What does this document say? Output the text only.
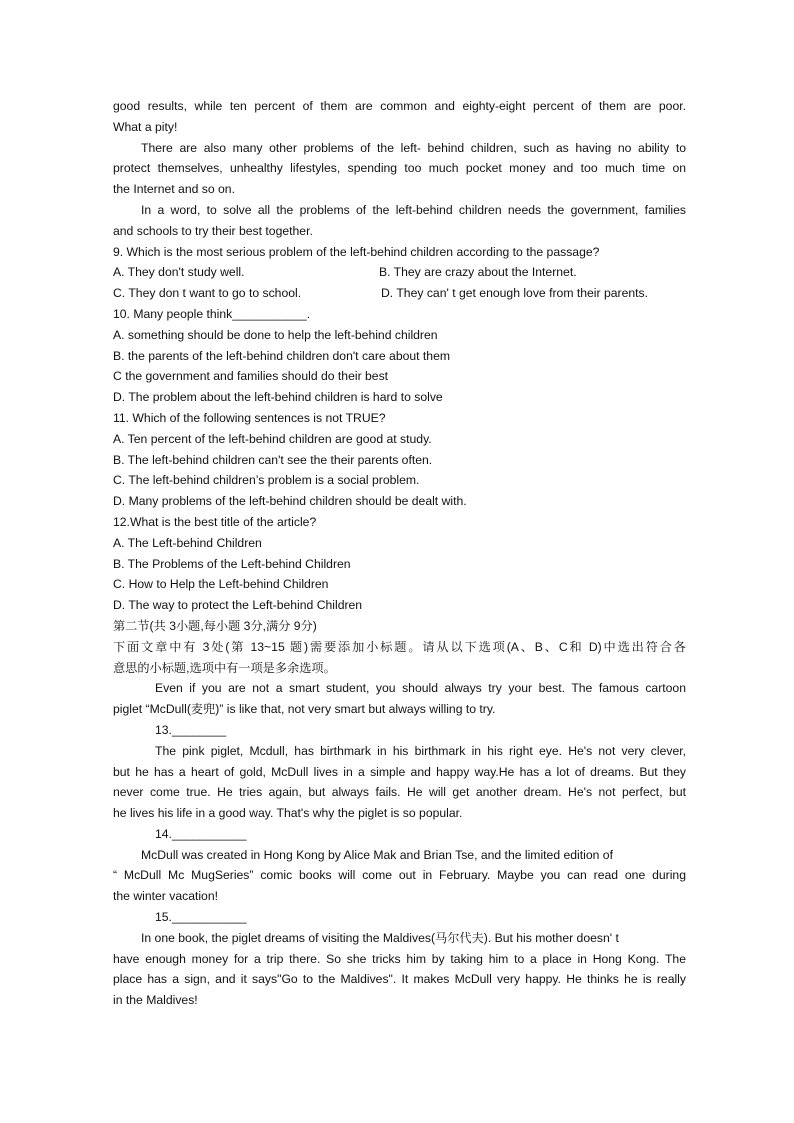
good results, while ten percent of them are common and eighty-eight percent of them are poor.
What a pity!
There are also many other problems of the left- behind children, such as having no ability to
protect themselves, unhealthy lifestyles, spending too much pocket money and too much time on
the Internet and so on.
In a word, to solve all the problems of the left-behind children needs the government, families
and schools to try their best together.
9. Which is the most serious problem of the left-behind children according to the passage?
A. They don't study well.	B. They are crazy about the Internet.
C. They don t want to go to school.	D. They can' t get enough love from their parents.
10. Many people think___________.
A. something should be done to help the left-behind children
B. the parents of the left-behind children don't care about them
C the government and families should do their best
D. The problem about the left-behind children is hard to solve
11. Which of the following sentences is not TRUE?
A. Ten percent of the left-behind children are good at study.
B. The left-behind children can't see the their parents often.
C. The left-behind children’s problem is a social problem.
D. Many problems of the left-behind children should be dealt with.
12.What is the best title of the article?
A. The Left-behind Children
B. The Problems of the Left-behind Children
C. How to Help the Left-behind Children
D. The way to protect the Left-behind Children
第二节(共 3小题,每小题 3分,满分 9分)
下面文章中有 3处(第 13~15 题)需要添加小标题。请从以下选项(A、B、C和 D)中选出符合各
意思的小标题,选项中有一项是多余选项。
Even if you are not a smart student, you should always try your best. The famous cartoon
piglet “McDull(麦兜)” is like that, not very smart but always willing to try.
13.________
The pink piglet, Mcdull, has birthmark in his birthmark in his right eye. He's not very clever,
but he has a heart of gold, McDull lives in a simple and happy way.He has a lot of dreams. But they
never come true. He tries again, but always fails. He will get another dream. He's not perfect, but
he lives his life in a good way. That's why the piglet is so popular.
14.___________
McDull was created in Hong Kong by Alice Mak and Brian Tse, and the limited edition of
“ McDull Mc MugSeries” comic books will come out in February. Maybe you can read one during
the winter vacation!
15.___________
In one book, the piglet dreams of visiting the Maldives(马尔代夫). But his mother doesn' t
have enough money for a trip there. So she tricks him by taking him to a place in Hong Kong. The
place has a sign, and it says"Go to the Maldives". It makes McDull very happy. He thinks he is really
in the Maldives!
